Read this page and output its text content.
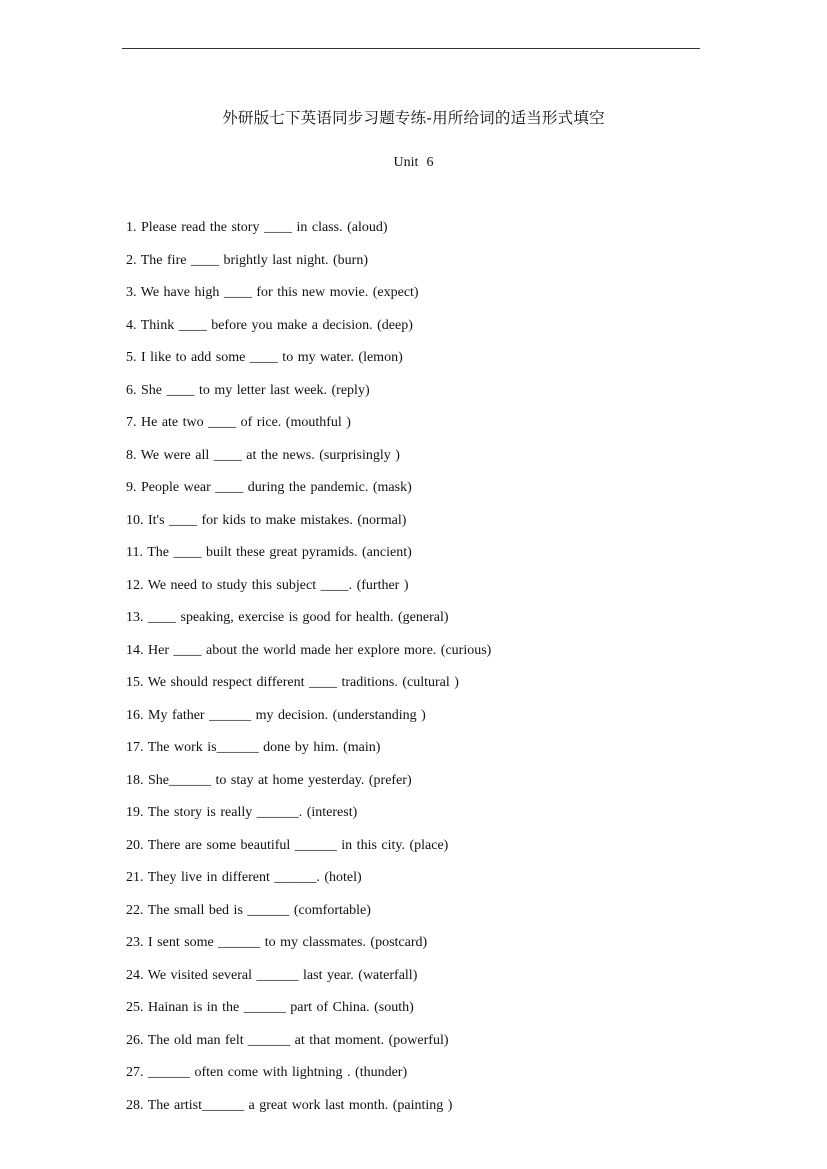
外研版七下英语同步习题专练-用所给词的适当形式填空
Unit 6
1. Please read the story ____ in class. (aloud)
2. The fire ____ brightly last night. (burn)
3. We have high ____ for this new movie. (expect)
4. Think ____ before you make a decision. (deep)
5. I like to add some ____ to my water. (lemon)
6. She ____ to my letter last week. (reply)
7. He ate two ____ of rice. (mouthful )
8. We were all ____ at the news. (surprisingly )
9. People wear ____ during the pandemic. (mask)
10. It's ____ for kids to make mistakes. (normal)
11. The ____ built these great pyramids. (ancient)
12. We need to study this subject ____. (further )
13. ____ speaking, exercise is good for health. (general)
14. Her ____ about the world made her explore more. (curious)
15. We should respect different ____ traditions. (cultural )
16. My father ______ my decision. (understanding )
17. The work is______ done by him. (main)
18. She______ to stay at home yesterday. (prefer)
19. The story is really ______. (interest)
20. There are some beautiful ______ in this city. (place)
21. They live in different ______. (hotel)
22. The small bed is ______ (comfortable)
23. I sent some ______ to my classmates. (postcard)
24. We visited several ______ last year. (waterfall)
25. Hainan is in the ______ part of China. (south)
26. The old man felt ______ at that moment. (powerful)
27. ______ often come with lightning . (thunder)
28. The artist______ a great work last month. (painting )
